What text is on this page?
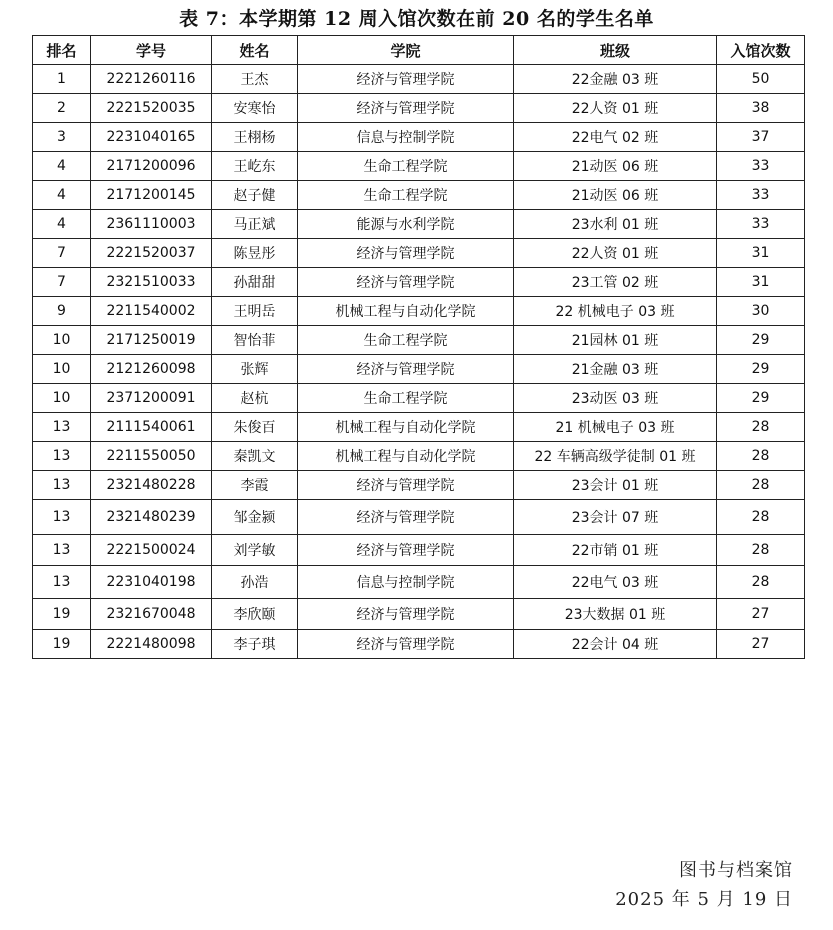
表 7：本学期第 12 周入馆次数在前 20 名的学生名单
排名	学号	姓名	学院	班级	入馆次数
1	2221260116	王杰	经济与管理学院	22金融 03 班	50
2	2221520035	安寒怡	经济与管理学院	22人资 01 班	38
3	2231040165	王栩杨	信息与控制学院	22电气 02 班	37
4	2171200096	王屹东	生命工程学院	21动医 06 班	33
4	2171200145	赵子健	生命工程学院	21动医 06 班	33
4	2361110003	马正斌	能源与水利学院	23水利 01 班	33
7	2221520037	陈昱彤	经济与管理学院	22人资 01 班	31
7	2321510033	孙甜甜	经济与管理学院	23工管 02 班	31
9	2211540002	王明岳	机械工程与自动化学院	22 机械电子 03 班	30
10	2171250019	智怡菲	生命工程学院	21园林 01 班	29
10	2121260098	张辉	经济与管理学院	21金融 03 班	29
10	2371200091	赵杭	生命工程学院	23动医 03 班	29
13	2111540061	朱俊百	机械工程与自动化学院	21 机械电子 03 班	28
13	2211550050	秦凯文	机械工程与自动化学院	22 车辆高级学徒制 01 班	28
13	2321480228	李霞	经济与管理学院	23会计 01 班	28
13	2321480239	邹金颍	经济与管理学院	23会计 07 班	28
13	2221500024	刘学敏	经济与管理学院	22市销 01 班	28
13	2231040198	孙浩	信息与控制学院	22电气 03 班	28
19	2321670048	李欣颐	经济与管理学院	23大数据 01 班	27
19	2221480098	李子琪	经济与管理学院	22会计 04 班	27
图书与档案馆
2025 年 5 月 19 日
